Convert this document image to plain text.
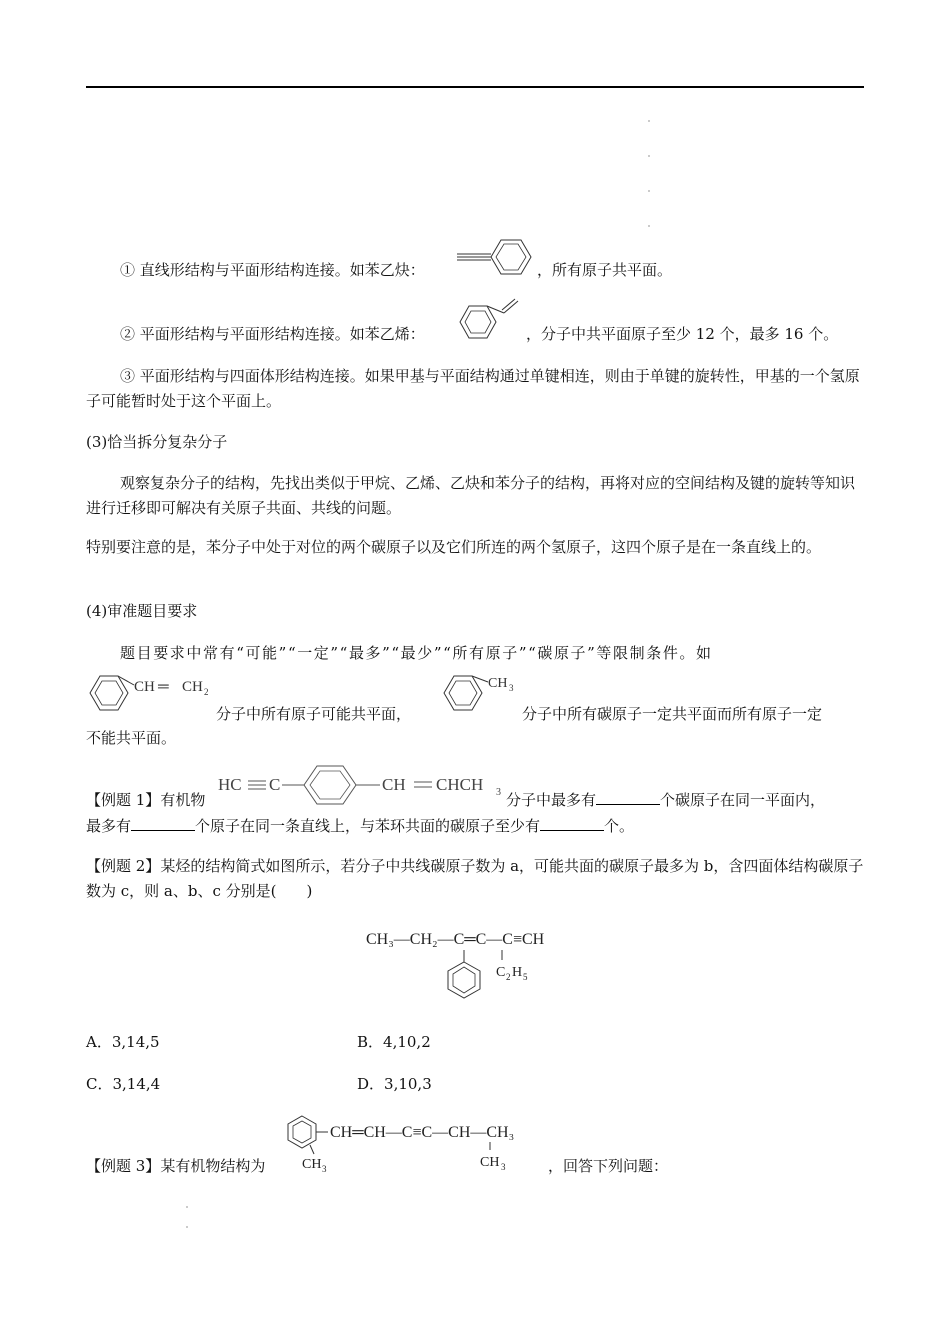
① 直线形结构与平面形结构连接。如苯乙炔：	，所有原子共平面。
② 平面形结构与平面形结构连接。如苯乙烯：	，分子中共平面原子至少 12 个，最多 16 个。
③ 平面形结构与四面体形结构连接。如果甲基与平面结构通过单键相连，则由于单键的旋转性，甲基的一个氢原子可能暂时处于这个平面上。
(3)恰当拆分复杂分子
观察复杂分子的结构，先找出类似于甲烷、乙烯、乙炔和苯分子的结构，再将对应的空间结构及键的旋转等知识进行迁移即可解决有关原子共面、共线的问题。
特别要注意的是，苯分子中处于对位的两个碳原子以及它们所连的两个氢原子，这四个原子是在一条直线上的。
(4)审准题目要求
题目要求中常有“可能”“一定”“最多”“最少”“所有原子”“碳原子”等限制条件。如
CH ═ CH 2
分子中所有原子可能共平面，
CH 3
分子中所有碳原子一定共平面而所有原子一定
不能共平面。
【例题 1】有机物
HC C	CH CHCH 3 分子中最多有	个碳原子在同一平面内，
最多有	个原子在同一条直线上，与苯环共面的碳原子至少有	个。
【例题 2】某烃的结构简式如图所示，若分子中共线碳原子数为 a，可能共面的碳原子最多为 b，含四面体结构碳原子数为 c，则 a、b、c 分别是(　　)
CH₃—CH₂—C═C—C≡CH
C 2 H 5
A．3,14,5	B．4,10,2
C．3,14,4	D．3,10,3
CH 3
CH═CH—C≡C—CH—CH₃
CH 3
【例题 3】某有机物结构为	，回答下列问题：
